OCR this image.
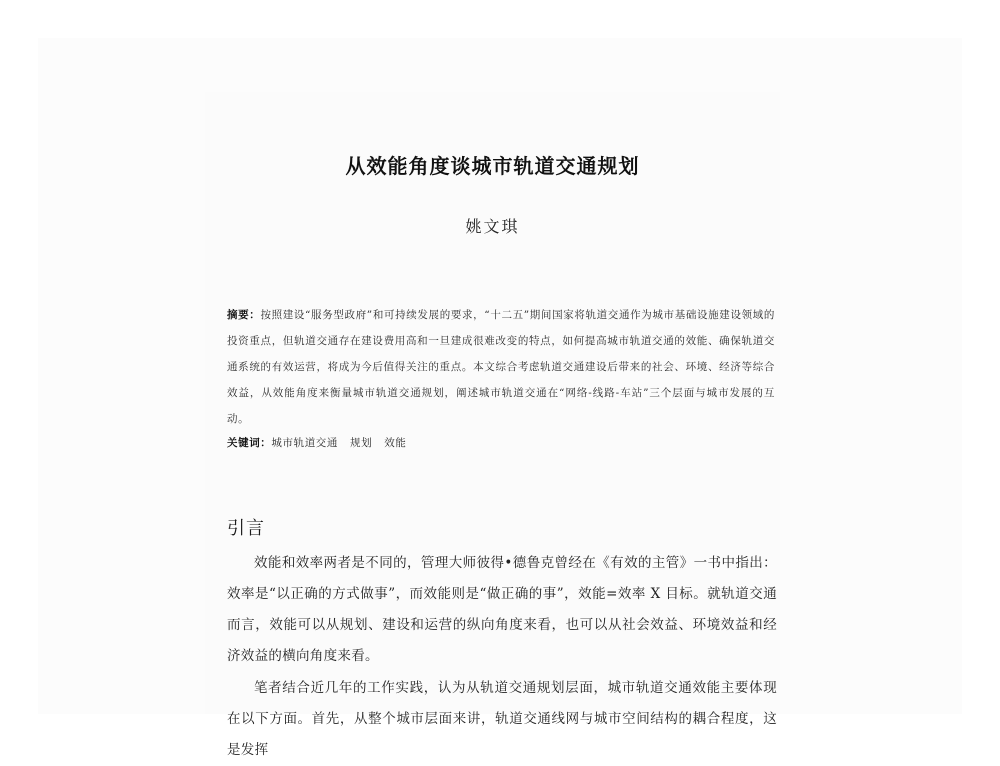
从效能角度谈城市轨道交通规划
姚文琪

摘要：按照建设“服务型政府”和可持续发展的要求，“十二五”期间国家将轨道交通作为城市基础设施建设领域的投资重点，但轨道交通存在建设费用高和一旦建成很难改变的特点，如何提高城市轨道交通的效能、确保轨道交通系统的有效运营，将成为今后值得关注的重点。本文综合考虑轨道交通建设后带来的社会、环境、经济等综合效益，从效能角度来衡量城市轨道交通规划，阐述城市轨道交通在“网络-线路-车站”三个层面与城市发展的互动。

关键词：城市轨道交通 规划 效能
引言

效能和效率两者是不同的，管理大师彼得•德鲁克曾经在《有效的主管》一书中指出：效率是“以正确的方式做事”，而效能则是“做正确的事”，效能=效率 X 目标。就轨道交通而言，效能可以从规划、建设和运营的纵向角度来看，也可以从社会效益、环境效益和经济效益的横向角度来看。

笔者结合近几年的工作实践，认为从轨道交通规划层面，城市轨道交通效能主要体现在以下方面。首先，从整个城市层面来讲，轨道交通线网与城市空间结构的耦合程度，这是发挥
